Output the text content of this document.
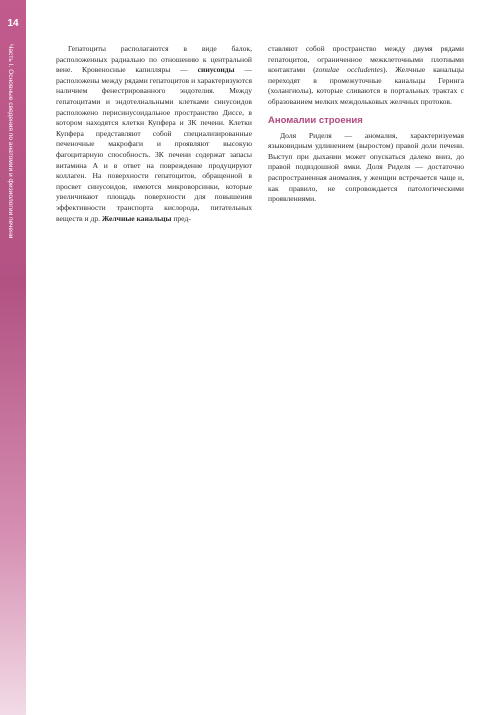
14
Часть I. Основные сведения по анатомии и физиологии печени	Гепатоциты располагаются в виде балок, расположенных радиально по отношению к центральной вене. Кровеносные капилляры — синусоиды — расположены между рядами гепатоцитов и характеризуются наличием фенестрированного эндотелия. Между гепатоцитами и эндотелиальными клетками синусоидов расположено перисинусоидальное пространство Диссе, в котором находятся клетки Купфера и ЗК печени. Клетки Купфера представляют собой специализированные печеночные макрофаги и проявляют высокую фагоцитарную способность. ЗК печени содержат запасы витамина A и в ответ на повреждение продуцируют коллаген. На поверхности гепатоцитов, обращенной в просвет синусоидов, имеются микроворсинки, которые увеличивают площадь поверхности для повышения эффективности транспорта кислорода, питательных веществ и др. Желчные канальцы пред-

ставляют собой пространство между двумя рядами гепатоцитов, ограниченное межклеточными плотными контактами (zonulae occludentes). Желчные канальцы переходят в промежуточные канальцы Геринга (холангиолы), которые сливаются в портальных трактах с образованием мелких междольковых желчных протоков.

Аномалии строения

Доля Риделя — аномалия, характеризуемая языковидным удлинением (выростом) правой доли печени. Выступ при дыхании может опускаться далеко вниз, до правой подвздошной ямки. Доля Риделя — достаточно распространенная аномалия, у женщин встречается чаще и, как правило, не сопровождается патологическими проявлениями.
